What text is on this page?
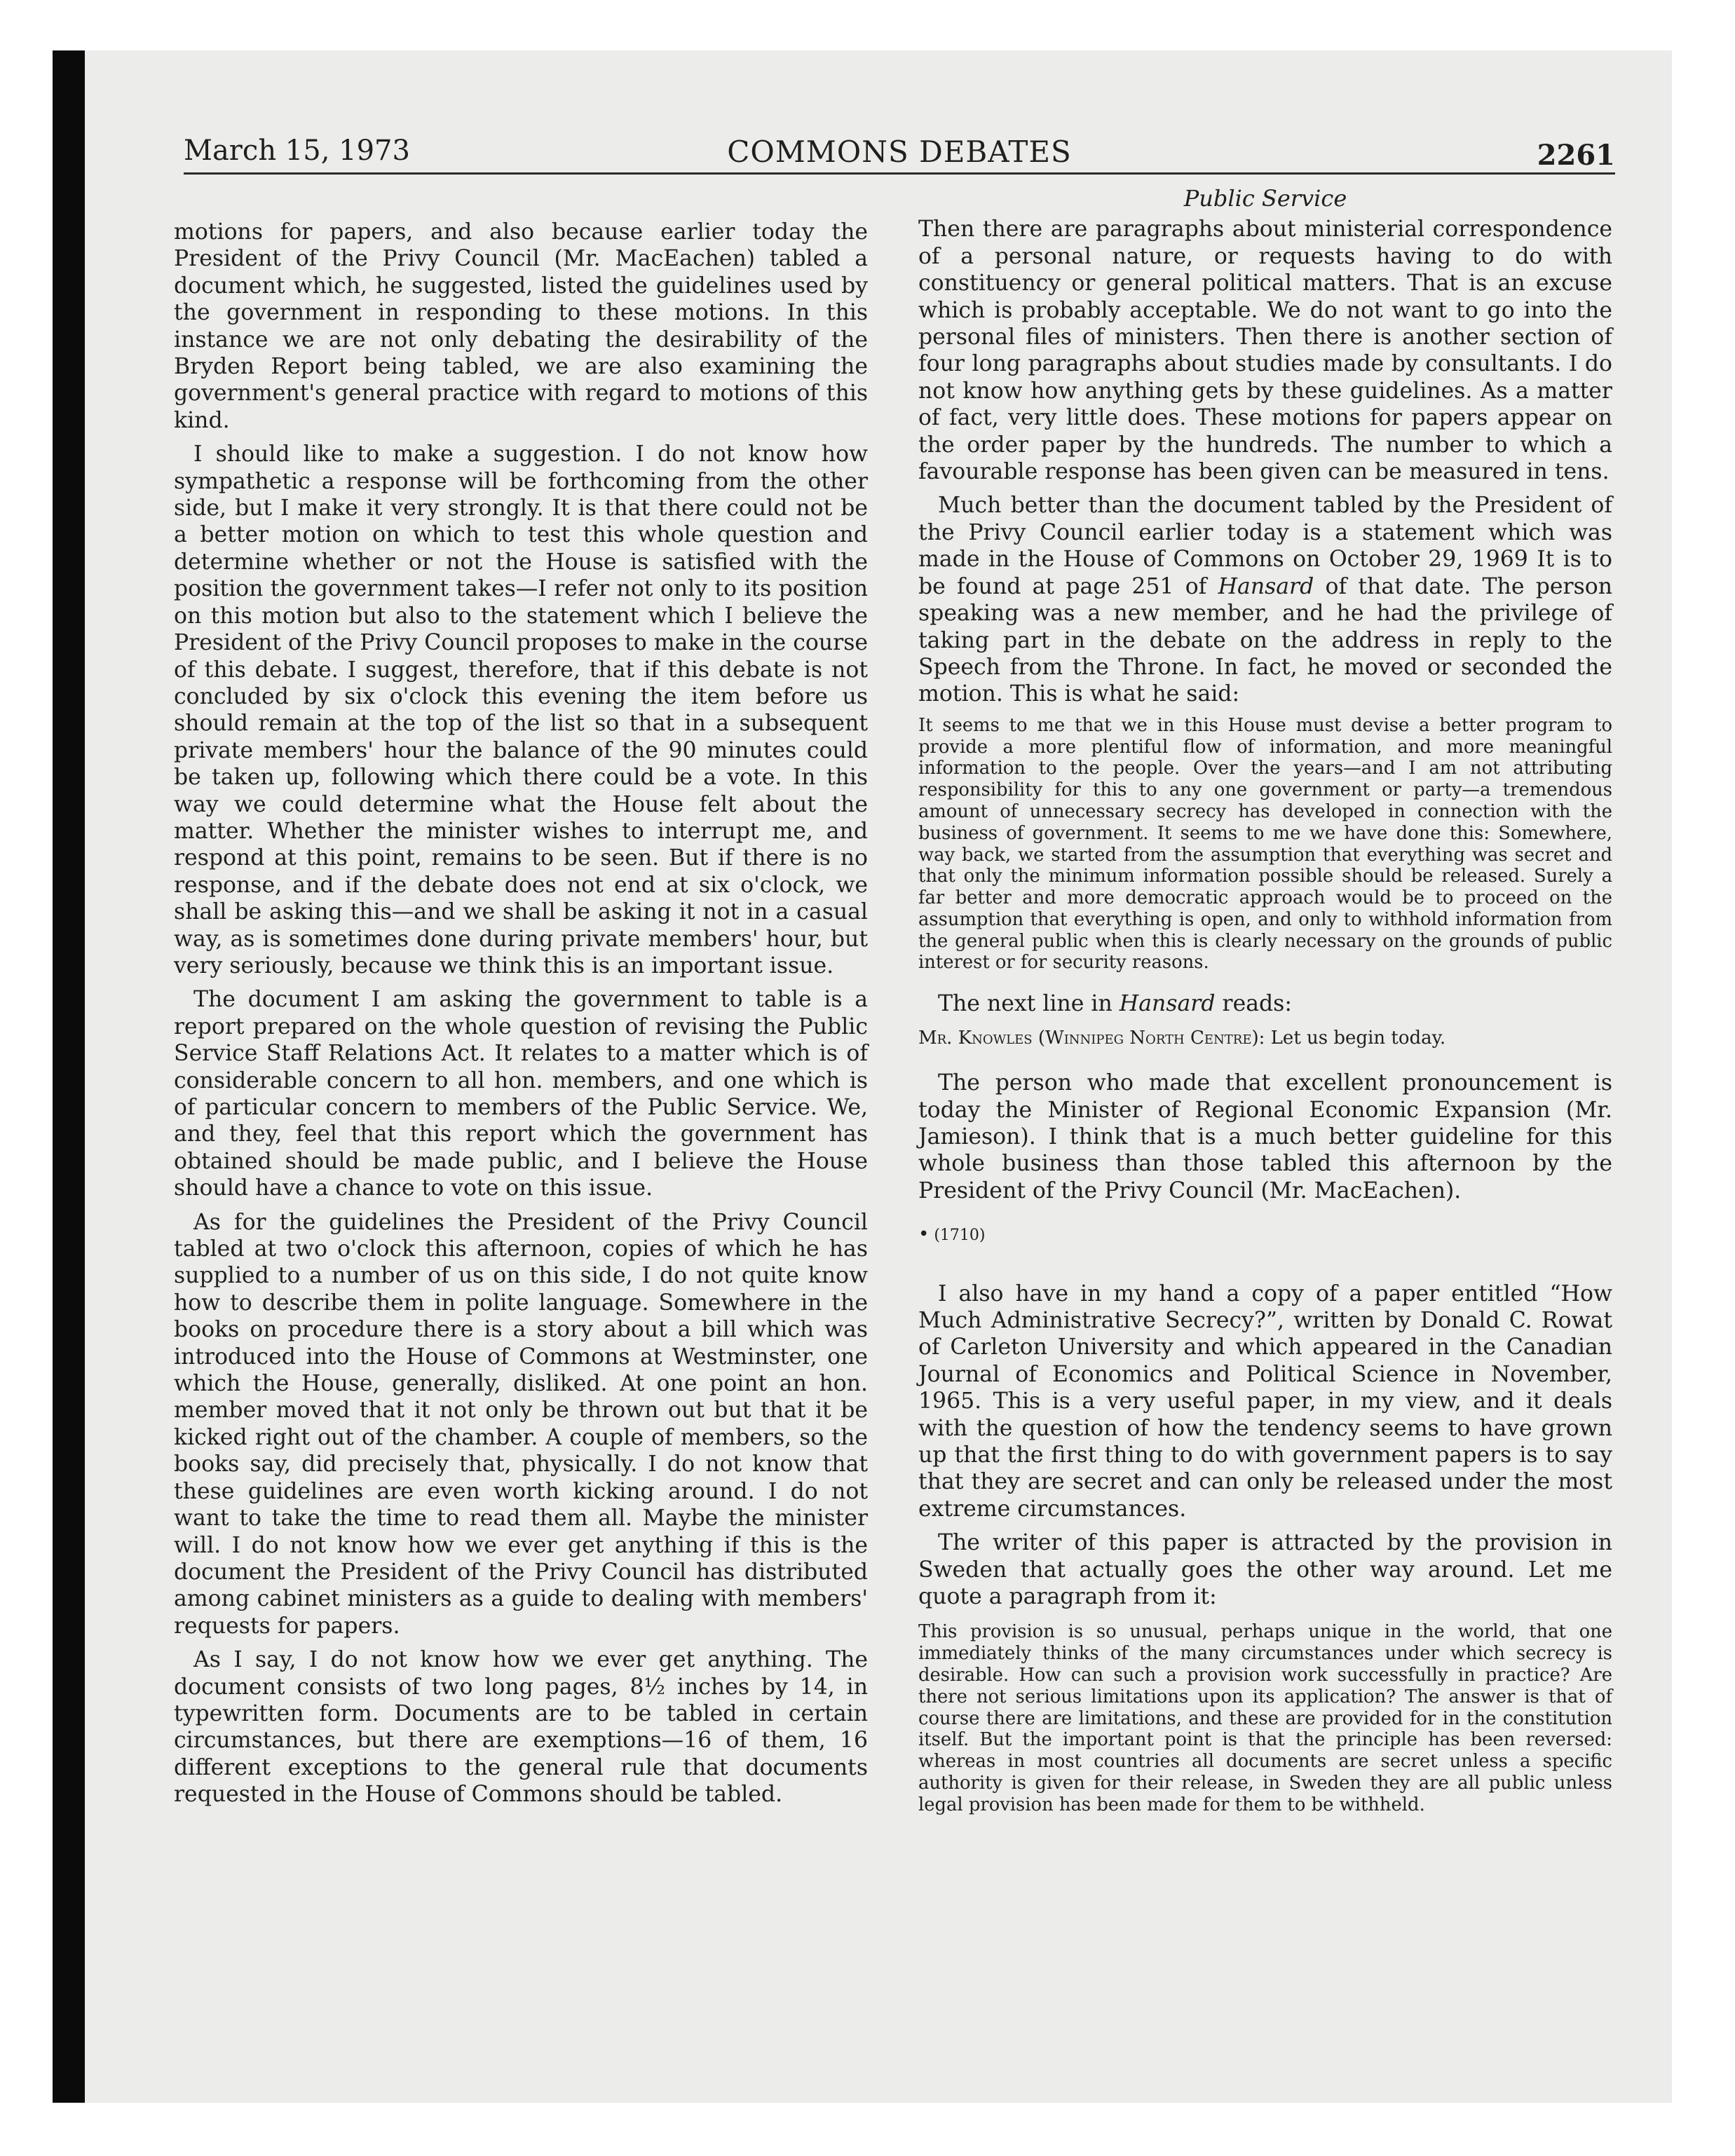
March 15, 1973	COMMONS DEBATES	2261

motions for papers, and also because earlier today the President of the Privy Council (Mr. MacEachen) tabled a document which, he suggested, listed the guidelines used by the government in responding to these motions. In this instance we are not only debating the desirability of the Bryden Report being tabled, we are also examining the government's general practice with regard to motions of this kind.

I should like to make a suggestion. I do not know how sympathetic a response will be forthcoming from the other side, but I make it very strongly. It is that there could not be a better motion on which to test this whole question and determine whether or not the House is satisfied with the position the government takes—I refer not only to its position on this motion but also to the statement which I believe the President of the Privy Council proposes to make in the course of this debate. I suggest, therefore, that if this debate is not concluded by six o'clock this evening the item before us should remain at the top of the list so that in a subsequent private members' hour the balance of the 90 minutes could be taken up, following which there could be a vote. In this way we could determine what the House felt about the matter. Whether the minister wishes to interrupt me, and respond at this point, remains to be seen. But if there is no response, and if the debate does not end at six o'clock, we shall be asking this—and we shall be asking it not in a casual way, as is sometimes done during private members' hour, but very seriously, because we think this is an important issue.

The document I am asking the government to table is a report prepared on the whole question of revising the Public Service Staff Relations Act. It relates to a matter which is of considerable concern to all hon. members, and one which is of particular concern to members of the Public Service. We, and they, feel that this report which the government has obtained should be made public, and I believe the House should have a chance to vote on this issue.

As for the guidelines the President of the Privy Council tabled at two o'clock this afternoon, copies of which he has supplied to a number of us on this side, I do not quite know how to describe them in polite language. Somewhere in the books on procedure there is a story about a bill which was introduced into the House of Commons at Westminster, one which the House, generally, disliked. At one point an hon. member moved that it not only be thrown out but that it be kicked right out of the chamber. A couple of members, so the books say, did precisely that, physically. I do not know that these guidelines are even worth kicking around. I do not want to take the time to read them all. Maybe the minister will. I do not know how we ever get anything if this is the document the President of the Privy Council has distributed among cabinet ministers as a guide to dealing with members' requests for papers.

As I say, I do not know how we ever get anything. The document consists of two long pages, 8½ inches by 14, in typewritten form. Documents are to be tabled in certain circumstances, but there are exemptions—16 of them, 16 different exceptions to the general rule that documents requested in the House of Commons should be tabled.

Public Service

Then there are paragraphs about ministerial correspondence of a personal nature, or requests having to do with constituency or general political matters. That is an excuse which is probably acceptable. We do not want to go into the personal files of ministers. Then there is another section of four long paragraphs about studies made by consultants. I do not know how anything gets by these guidelines. As a matter of fact, very little does. These motions for papers appear on the order paper by the hundreds. The number to which a favourable response has been given can be measured in tens.

Much better than the document tabled by the President of the Privy Council earlier today is a statement which was made in the House of Commons on October 29, 1969 It is to be found at page 251 of Hansard of that date. The person speaking was a new member, and he had the privilege of taking part in the debate on the address in reply to the Speech from the Throne. In fact, he moved or seconded the motion. This is what he said:

It seems to me that we in this House must devise a better program to provide a more plentiful flow of information, and more meaningful information to the people. Over the years—and I am not attributing responsibility for this to any one government or party—a tremendous amount of unnecessary secrecy has developed in connection with the business of government. It seems to me we have done this: Somewhere, way back, we started from the assumption that everything was secret and that only the minimum information possible should be released. Surely a far better and more democratic approach would be to proceed on the assumption that everything is open, and only to withhold information from the general public when this is clearly necessary on the grounds of public interest or for security reasons.

The next line in Hansard reads:

Mr. Knowles (Winnipeg North Centre): Let us begin today.

The person who made that excellent pronouncement is today the Minister of Regional Economic Expansion (Mr. Jamieson). I think that is a much better guideline for this whole business than those tabled this afternoon by the President of the Privy Council (Mr. MacEachen).

• (1710)

I also have in my hand a copy of a paper entitled “How Much Administrative Secrecy?”, written by Donald C. Rowat of Carleton University and which appeared in the Canadian Journal of Economics and Political Science in November, 1965. This is a very useful paper, in my view, and it deals with the question of how the tendency seems to have grown up that the first thing to do with government papers is to say that they are secret and can only be released under the most extreme circumstances.

The writer of this paper is attracted by the provision in Sweden that actually goes the other way around. Let me quote a paragraph from it:

This provision is so unusual, perhaps unique in the world, that one immediately thinks of the many circumstances under which secrecy is desirable. How can such a provision work successfully in practice? Are there not serious limitations upon its application? The answer is that of course there are limitations, and these are provided for in the constitution itself. But the important point is that the principle has been reversed: whereas in most countries all documents are secret unless a specific authority is given for their release, in Sweden they are all public unless legal provision has been made for them to be withheld.
